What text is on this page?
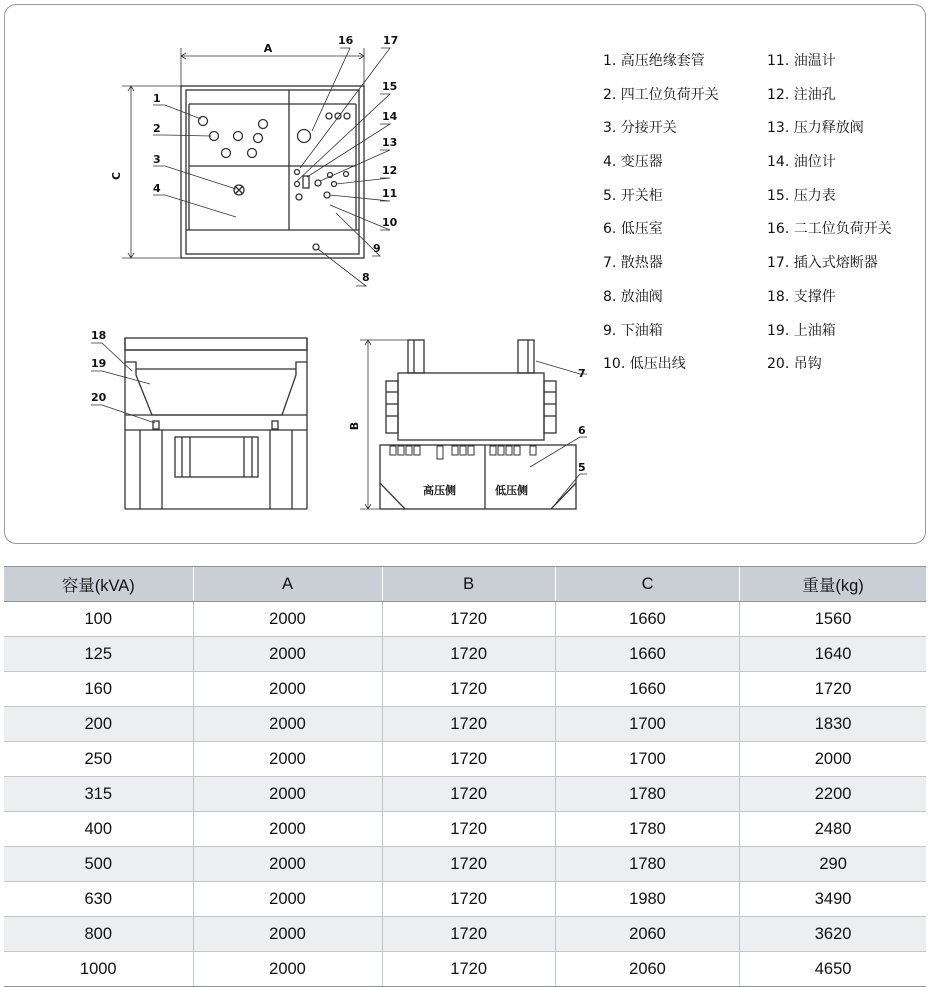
A
C
B
1
2
3
4
5
6
7
8
9
10
11
12
13
14
15
16	17
18
19
20
高压侧	低压侧
1. 高压绝缘套管
2. 四工位负荷开关
3. 分接开关
4. 变压器
5. 开关柜
6. 低压室
7. 散热器
8. 放油阀
9. 下油箱
10. 低压出线
11. 油温计
12. 注油孔
13. 压力释放阀
14. 油位计
15. 压力表
16. 二工位负荷开关
17. 插入式熔断器
18. 支撑件
19. 上油箱
20. 吊钩
容量(kVA)	A	B	C	重量(kg)
100	2000	1720	1660	1560
125	2000	1720	1660	1640
160	2000	1720	1660	1720
200	2000	1720	1700	1830
250	2000	1720	1700	2000
315	2000	1720	1780	2200
400	2000	1720	1780	2480
500	2000	1720	1780	290
630	2000	1720	1980	3490
800	2000	1720	2060	3620
1000	2000	1720	2060	4650
